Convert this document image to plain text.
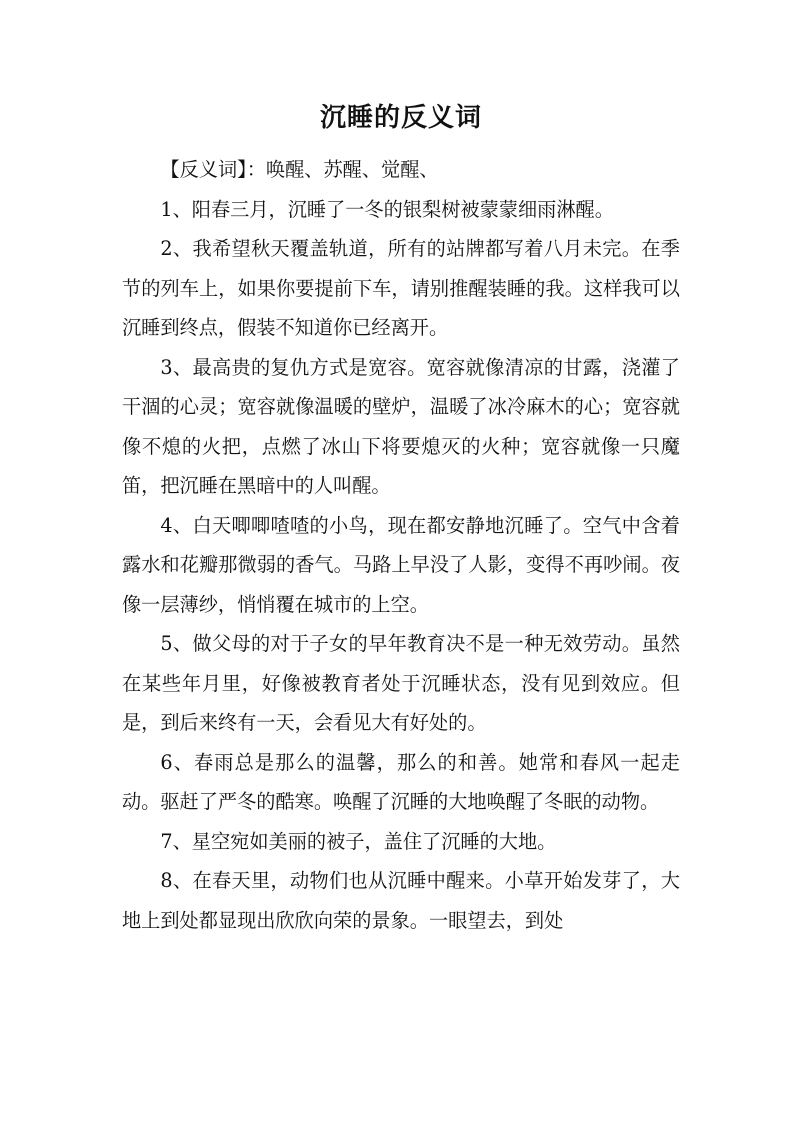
沉睡的反义词

【反义词】：唤醒、苏醒、觉醒、

1、阳春三月，沉睡了一冬的银梨树被蒙蒙细雨淋醒。

2、我希望秋天覆盖轨道，所有的站牌都写着八月未完。在季节的列车上，如果你要提前下车，请别推醒装睡的我。这样我可以沉睡到终点，假装不知道你已经离开。

3、最高贵的复仇方式是宽容。宽容就像清凉的甘露，浇灌了干涸的心灵；宽容就像温暖的壁炉，温暖了冰冷麻木的心；宽容就像不熄的火把，点燃了冰山下将要熄灭的火种；宽容就像一只魔笛，把沉睡在黑暗中的人叫醒。

4、白天唧唧喳喳的小鸟，现在都安静地沉睡了。空气中含着露水和花瓣那微弱的香气。马路上早没了人影，变得不再吵闹。夜像一层薄纱，悄悄覆在城市的上空。

5、做父母的对于子女的早年教育决不是一种无效劳动。虽然在某些年月里，好像被教育者处于沉睡状态，没有见到效应。但是，到后来终有一天，会看见大有好处的。

6、春雨总是那么的温馨，那么的和善。她常和春风一起走动。驱赶了严冬的酷寒。唤醒了沉睡的大地唤醒了冬眠的动物。

7、星空宛如美丽的被子，盖住了沉睡的大地。

8、在春天里，动物们也从沉睡中醒来。小草开始发芽了，大地上到处都显现出欣欣向荣的景象。一眼望去，到处
